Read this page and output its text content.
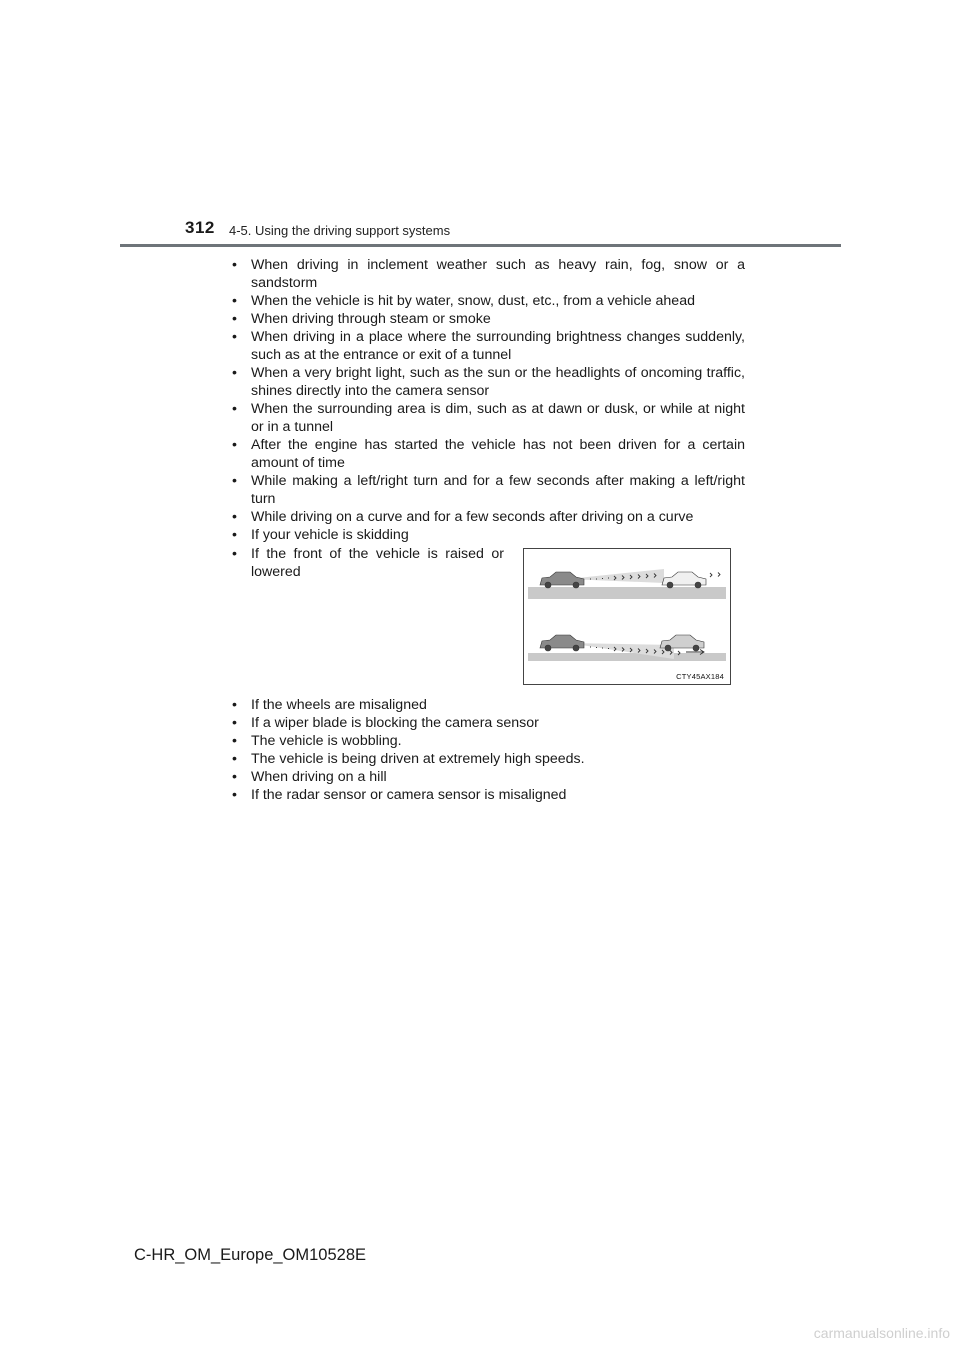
312 4-5. Using the driving support systems
• When driving in inclement weather such as heavy rain, fog, snow or a sandstorm
• When the vehicle is hit by water, snow, dust, etc., from a vehicle ahead
• When driving through steam or smoke
• When driving in a place where the surrounding brightness changes suddenly, such as at the entrance or exit of a tunnel
• When a very bright light, such as the sun or the headlights of oncoming traffic, shines directly into the camera sensor
• When the surrounding area is dim, such as at dawn or dusk, or while at night or in a tunnel
• After the engine has started the vehicle has not been driven for a certain amount of time
• While making a left/right turn and for a few seconds after making a left/right turn
• While driving on a curve and for a few seconds after driving on a curve
• If your vehicle is skidding
• If the front of the vehicle is raised or lowered
CTY45AX184
• If the wheels are misaligned
• If a wiper blade is blocking the camera sensor
• The vehicle is wobbling.
• The vehicle is being driven at extremely high speeds.
• When driving on a hill
• If the radar sensor or camera sensor is misaligned
C-HR_OM_Europe_OM10528E
carmanualsonline.info
